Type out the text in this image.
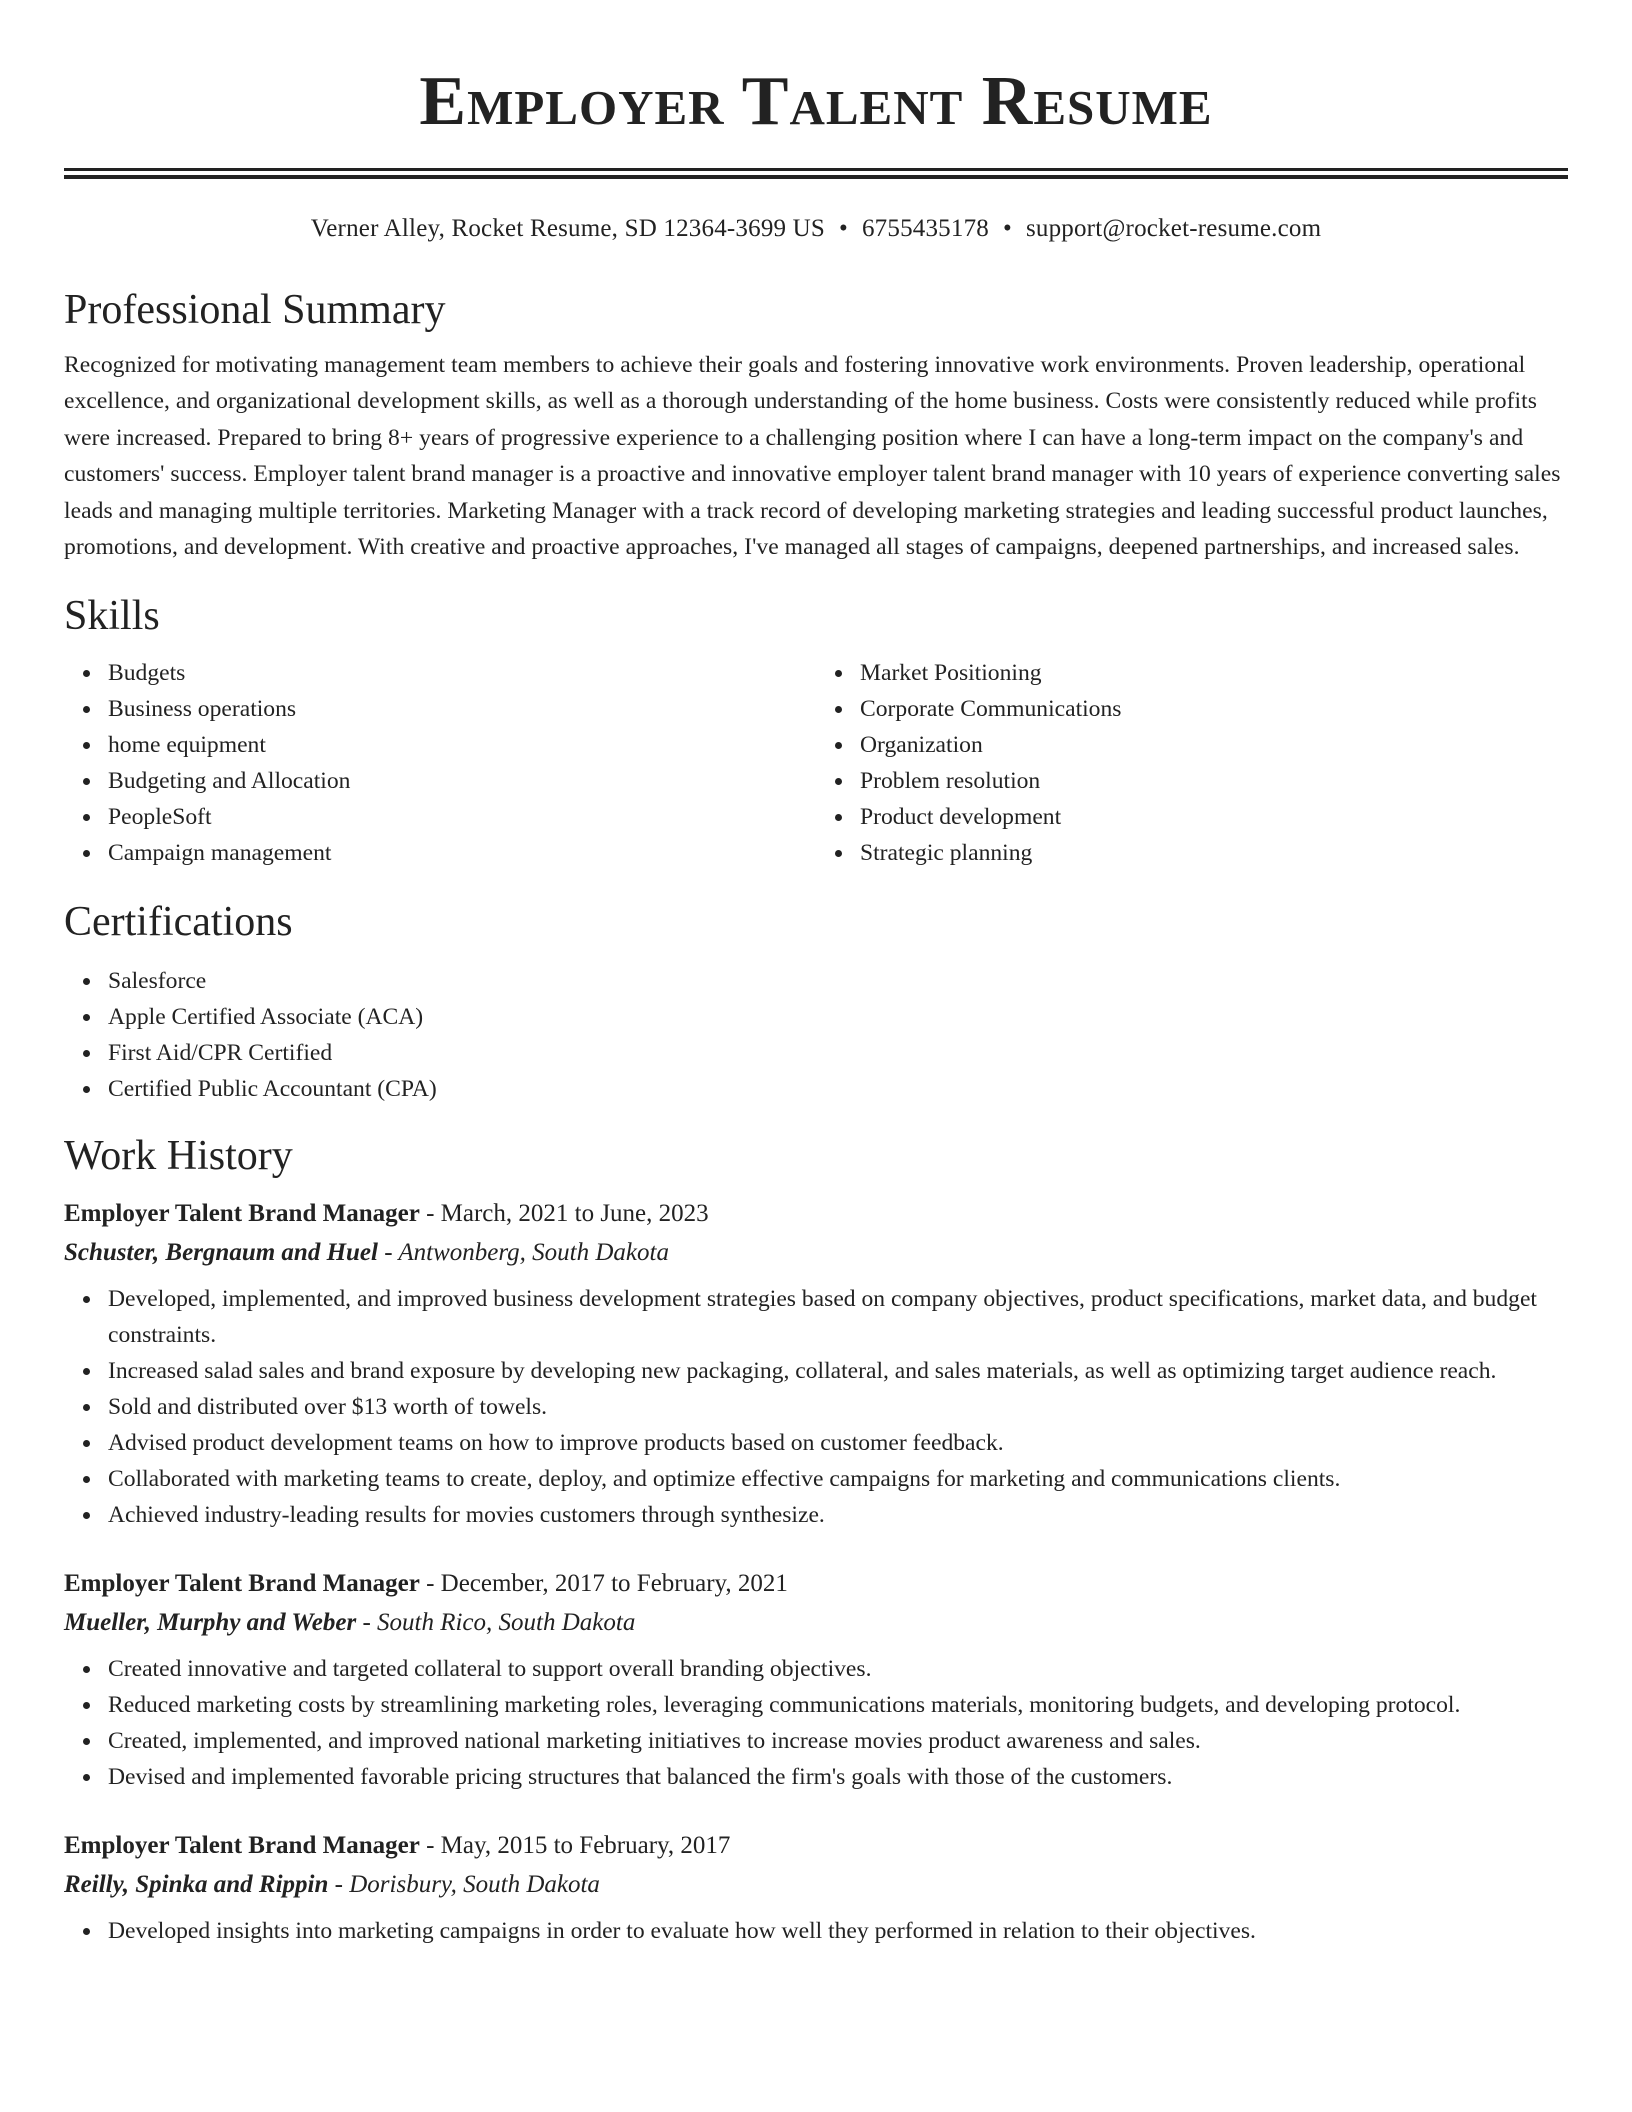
Employer Talent Resume
Verner Alley, Rocket Resume, SD 12364-3699 US • 6755435178 • support@rocket-resume.com
Professional Summary
Recognized for motivating management team members to achieve their goals and fostering innovative work environments. Proven leadership, operational excellence, and organizational development skills, as well as a thorough understanding of the home business. Costs were consistently reduced while profits were increased. Prepared to bring 8+ years of progressive experience to a challenging position where I can have a long-term impact on the company's and customers' success. Employer talent brand manager is a proactive and innovative employer talent brand manager with 10 years of experience converting sales leads and managing multiple territories. Marketing Manager with a track record of developing marketing strategies and leading successful product launches, promotions, and development. With creative and proactive approaches, I've managed all stages of campaigns, deepened partnerships, and increased sales.
Skills
Budgets
Business operations
home equipment
Budgeting and Allocation
PeopleSoft
Campaign management
Market Positioning
Corporate Communications
Organization
Problem resolution
Product development
Strategic planning
Certifications
Salesforce
Apple Certified Associate (ACA)
First Aid/CPR Certified
Certified Public Accountant (CPA)
Work History
Employer Talent Brand Manager - March, 2021 to June, 2023
Schuster, Bergnaum and Huel - Antwonberg, South Dakota
Developed, implemented, and improved business development strategies based on company objectives, product specifications, market data, and budget constraints.
Increased salad sales and brand exposure by developing new packaging, collateral, and sales materials, as well as optimizing target audience reach.
Sold and distributed over $13 worth of towels.
Advised product development teams on how to improve products based on customer feedback.
Collaborated with marketing teams to create, deploy, and optimize effective campaigns for marketing and communications clients.
Achieved industry-leading results for movies customers through synthesize.
Employer Talent Brand Manager - December, 2017 to February, 2021
Mueller, Murphy and Weber - South Rico, South Dakota
Created innovative and targeted collateral to support overall branding objectives.
Reduced marketing costs by streamlining marketing roles, leveraging communications materials, monitoring budgets, and developing protocol.
Created, implemented, and improved national marketing initiatives to increase movies product awareness and sales.
Devised and implemented favorable pricing structures that balanced the firm's goals with those of the customers.
Employer Talent Brand Manager - May, 2015 to February, 2017
Reilly, Spinka and Rippin - Dorisbury, South Dakota
Developed insights into marketing campaigns in order to evaluate how well they performed in relation to their objectives.
